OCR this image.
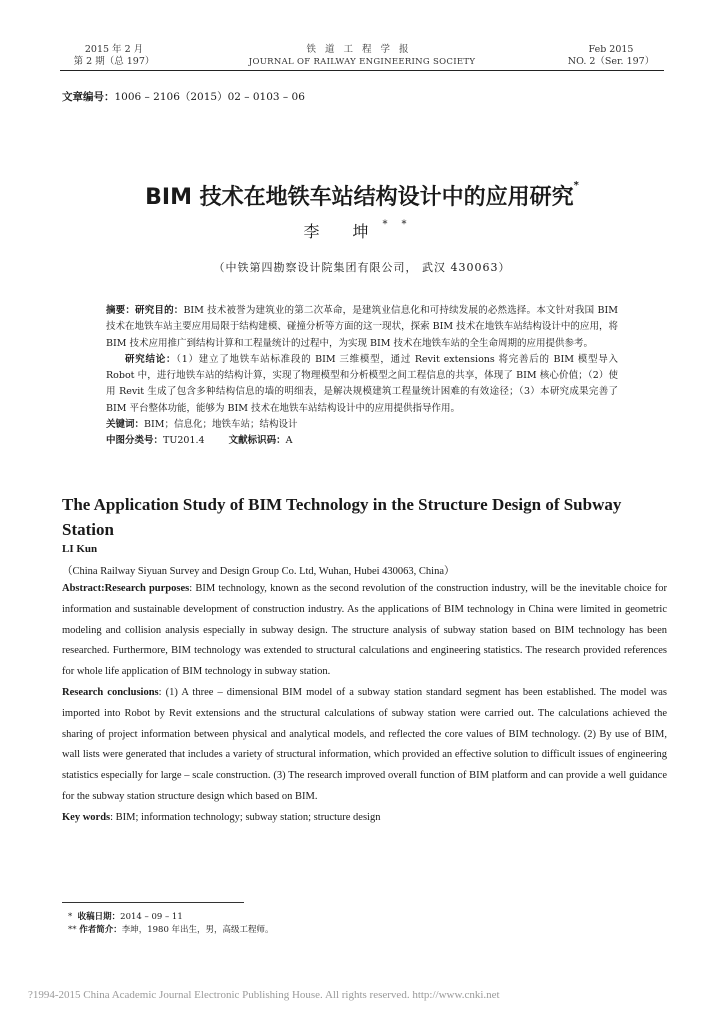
2015 年 2 月
第 2 期（总 197）
铁道工程学报
JOURNAL OF RAILWAY ENGINEERING SOCIETY
Feb 2015
NO. 2（Ser. 197）
文章编号：1006 – 2106（2015）02 – 0103 – 06
BIM 技术在地铁车站结构设计中的应用研究*
李 坤**
（中铁第四勘察设计院集团有限公司， 武汉 430063）

摘要：研究目的：BIM 技术被誉为建筑业的第二次革命，是建筑业信息化和可持续发展的必然选择。本文针对我国 BIM 技术在地铁车站主要应用局限于结构建模、碰撞分析等方面的这一现状，探索 BIM 技术在地铁车站结构设计中的应用，将 BIM 技术应用推广到结构计算和工程量统计的过程中，为实现 BIM 技术在地铁车站的全生命周期的应用提供参考。

研究结论：（1）建立了地铁车站标准段的 BIM 三维模型，通过 Revit extensions 将完善后的 BIM 模型导入 Robot 中，进行地铁车站的结构计算，实现了物理模型和分析模型之间工程信息的共享，体现了 BIM 核心价值；（2）使用 Revit 生成了包含多种结构信息的墙的明细表，是解决规模建筑工程量统计困难的有效途径；（3）本研究成果完善了 BIM 平台整体功能，能够为 BIM 技术在地铁车站结构设计中的应用提供指导作用。

关键词：BIM；信息化；地铁车站；结构设计

中图分类号：TU201.4	文献标识码：A

The Application Study of BIM Technology in the Structure Design of Subway Station
LI Kun
（China Railway Siyuan Survey and Design Group Co. Ltd, Wuhan, Hubei 430063, China）

Abstract:Research purposes: BIM technology, known as the second revolution of the construction industry, will be the inevitable choice for information and sustainable development of construction industry. As the applications of BIM technology in China were limited in geometric modeling and collision analysis especially in subway design. The structure analysis of subway station based on BIM technology has been researched. Furthermore, BIM technology was extended to structural calculations and engineering statistics. The research provided references for whole life application of BIM technology in subway station.

Research conclusions: (1) A three – dimensional BIM model of a subway station standard segment has been established. The model was imported into Robot by Revit extensions and the structural calculations of subway station were carried out. The calculations achieved the sharing of project information between physical and analytical models, and reflected the core values of BIM technology. (2) By use of BIM, wall lists were generated that includes a variety of structural information, which provided an effective solution to difficult issues of engineering statistics especially for large – scale construction. (3) The research improved overall function of BIM platform and can provide a well guidance for the subway station structure design which based on BIM.

Key words: BIM; information technology; subway station; structure design

* 收稿日期：2014 – 09 – 11
** 作者简介：李坤，1980 年出生，男，高级工程师。
?1994-2015 China Academic Journal Electronic Publishing House. All rights reserved. http://www.cnki.net
